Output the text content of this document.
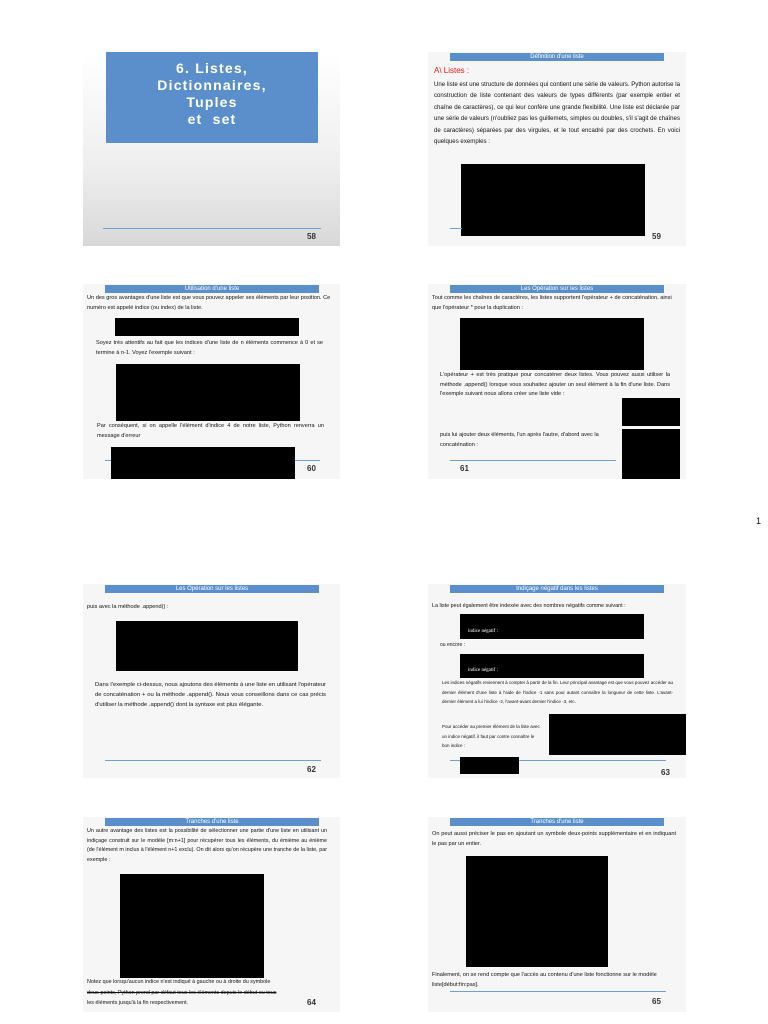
6. Listes,
Dictionnaires,
Tuples
et  set
58
Définition d'une liste
A\ Listes :
Une liste est une structure de données qui contient une série de valeurs. Python autorise la construction de liste contenant des valeurs de types différents (par exemple entier et chaîne de caractères), ce qui leur confère une grande flexibilité. Une liste est déclarée par une série de valeurs (n'oubliez pas les guillemets, simples ou doubles, s'il s'agit de chaînes de caractères) séparées par des virgules, et le tout encadré par des crochets. En voici quelques exemples :
59
Utilisation d'une liste
Un des gros avantages d'une liste est que vous pouvez appeler ses éléments par leur position. Ce numéro est appelé indice (ou index) de la liste.
Soyez très attentifs au fait que les indices d'une liste de n éléments commence à 0 et se termine à n-1. Voyez l'exemple suivant :
Par conséquent, si on appelle l'élément d'indice 4 de notre liste, Python renverra un message d'erreur
60
Les Opération sur les listes
Tout comme les chaînes de caractères, les listes supportent l'opérateur + de concaténation, ainsi que l'opérateur * pour la duplication :
L'opérateur + est très pratique pour concaténer deux listes. Vous pouvez aussi utiliser la méthode .append() lorsque vous souhaitez ajouter un seul élément à la fin d'une liste. Dans l'exemple suivant nous allons créer une liste vide :
puis lui ajouter deux éléments, l'un après l'autre, d'abord avec la concaténation :
61
1
Les Opération sur les listes
puis avec la méthode .append() :
Dans l'exemple ci-dessus, nous ajoutons des éléments à une liste en utilisant l'opérateur de concaténation + ou la méthode .append(). Nous vous conseillons dans ce cas précis d'utiliser la méthode .append() dont la syntaxe est plus élégante.
62
Indiçage négatif dans les listes
La liste peut également être indexée avec des nombres négatifs comme suivant :
indice négatif :
ou encore :
indice négatif :
Les indices négatifs reviennent à compter à partir de la fin. Leur principal avantage est que vous pouvez accéder au dernier élément d'une liste à l'aide de l'indice -1 sans pour autant connaître la longueur de cette liste. L'avant-dernier élément a lui l'indice -2, l'avant-avant dernier l'indice -3, etc.
Pour accéder au premier élément de la liste avec un indice négatif, il faut par contre connaître le bon indice :
63
Tranches d'une liste
Un autre avantage des listes est la possibilité de sélectionner une partie d'une liste en utilisant un indiçage construit sur le modèle [m:n+1] pour récupérer tous les éléments, du émième au énième (de l'élément m inclus à l'élément n+1 exclu). On dit alors qu'on récupère une tranche de la liste, par exemple :
Notez que lorsqu'aucun indice n'est indiqué à gauche ou à droite du symbole
deux-points, Python prend par défaut tous les éléments depuis le début ou tous
les éléments jusqu'à la fin respectivement.	64
Tranches d'une liste
On peut aussi préciser le pas en ajoutant un symbole deux-points supplémentaire et en indiquant le pas par un entier.
Finalement, on se rend compte que l'accès au contenu d'une liste fonctionne sur le modèle liste[début:fin:pas].
65
